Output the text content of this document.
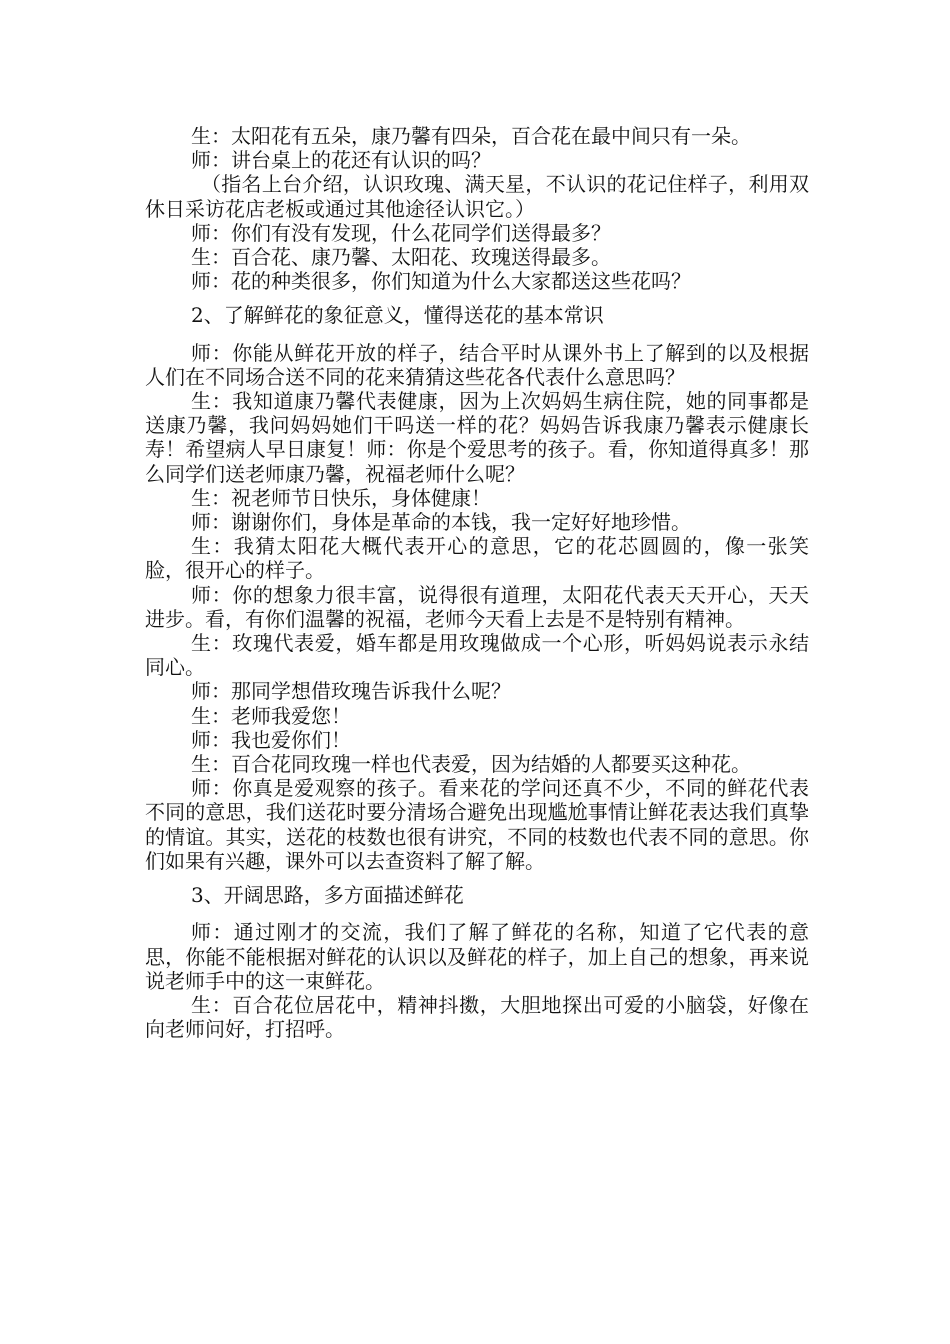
生：太阳花有五朵，康乃馨有四朵，百合花在最中间只有一朵。

师：讲台桌上的花还有认识的吗？

（指名上台介绍，认识玫瑰、满天星，不认识的花记住样子，利用双休日采访花店老板或通过其他途径认识它。）

师：你们有没有发现，什么花同学们送得最多？

生：百合花、康乃馨、太阳花、玫瑰送得最多。

师：花的种类很多，你们知道为什么大家都送这些花吗？

2、了解鲜花的象征意义，懂得送花的基本常识

师：你能从鲜花开放的样子，结合平时从课外书上了解到的以及根据人们在不同场合送不同的花来猜猜这些花各代表什么意思吗？

生：我知道康乃馨代表健康，因为上次妈妈生病住院，她的同事都是送康乃馨，我问妈妈她们干吗送一样的花？妈妈告诉我康乃馨表示健康长寿！希望病人早日康复！师：你是个爱思考的孩子。看，你知道得真多！那么同学们送老师康乃馨，祝福老师什么呢？

生：祝老师节日快乐，身体健康！

师：谢谢你们，身体是革命的本钱，我一定好好地珍惜。

生：我猜太阳花大概代表开心的意思，它的花芯圆圆的，像一张笑脸，很开心的样子。

师：你的想象力很丰富，说得很有道理，太阳花代表天天开心，天天进步。看，有你们温馨的祝福，老师今天看上去是不是特别有精神。

生：玫瑰代表爱，婚车都是用玫瑰做成一个心形，听妈妈说表示永结同心。

师：那同学想借玫瑰告诉我什么呢？

生：老师我爱您！

师：我也爱你们！

生：百合花同玫瑰一样也代表爱，因为结婚的人都要买这种花。

师：你真是爱观察的孩子。看来花的学问还真不少，不同的鲜花代表不同的意思，我们送花时要分清场合避免出现尴尬事情让鲜花表达我们真挚的情谊。其实，送花的枝数也很有讲究，不同的枝数也代表不同的意思。你们如果有兴趣，课外可以去查资料了解了解。

3、开阔思路，多方面描述鲜花

师：通过刚才的交流，我们了解了鲜花的名称，知道了它代表的意思，你能不能根据对鲜花的认识以及鲜花的样子，加上自己的想象，再来说说老师手中的这一束鲜花。

生：百合花位居花中，精神抖擞，大胆地探出可爱的小脑袋，好像在向老师问好，打招呼。
